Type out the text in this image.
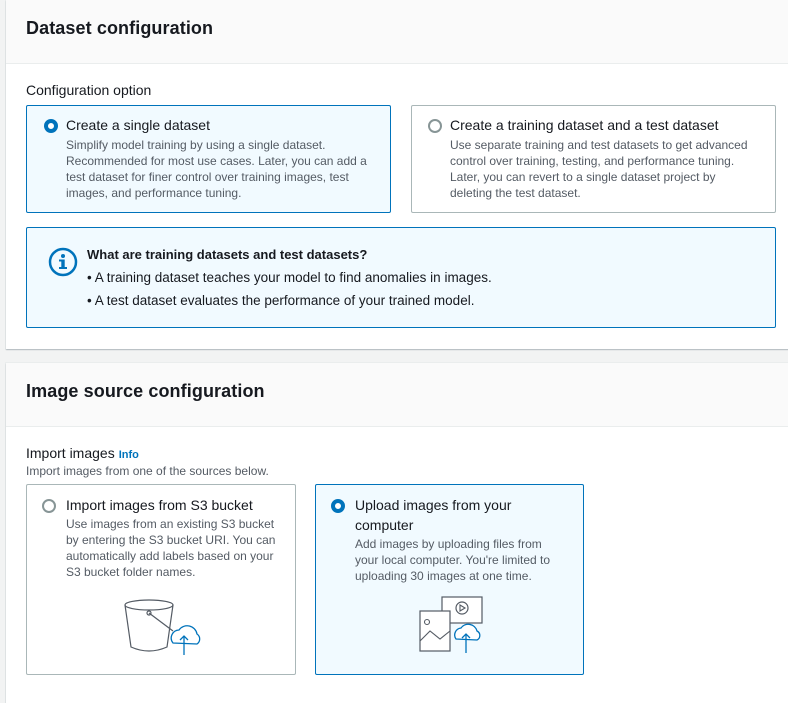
Dataset configuration
Configuration option
Create a single dataset
Simplify model training by using a single dataset.
Recommended for most use cases. Later, you can add a
test dataset for finer control over training images, test
images, and performance tuning.
Create a training dataset and a test dataset
Use separate training and test datasets to get advanced
control over training, testing, and performance tuning.
Later, you can revert to a single dataset project by
deleting the test dataset.
What are training datasets and test datasets?
• A training dataset teaches your model to find anomalies in images.
• A test dataset evaluates the performance of your trained model.
Image source configuration
Import images Info
Import images from one of the sources below.
Import images from S3 bucket
Use images from an existing S3 bucket
by entering the S3 bucket URI. You can
automatically add labels based on your
S3 bucket folder names.
Upload images from your
computer
Add images by uploading files from
your local computer. You're limited to
uploading 30 images at one time.
